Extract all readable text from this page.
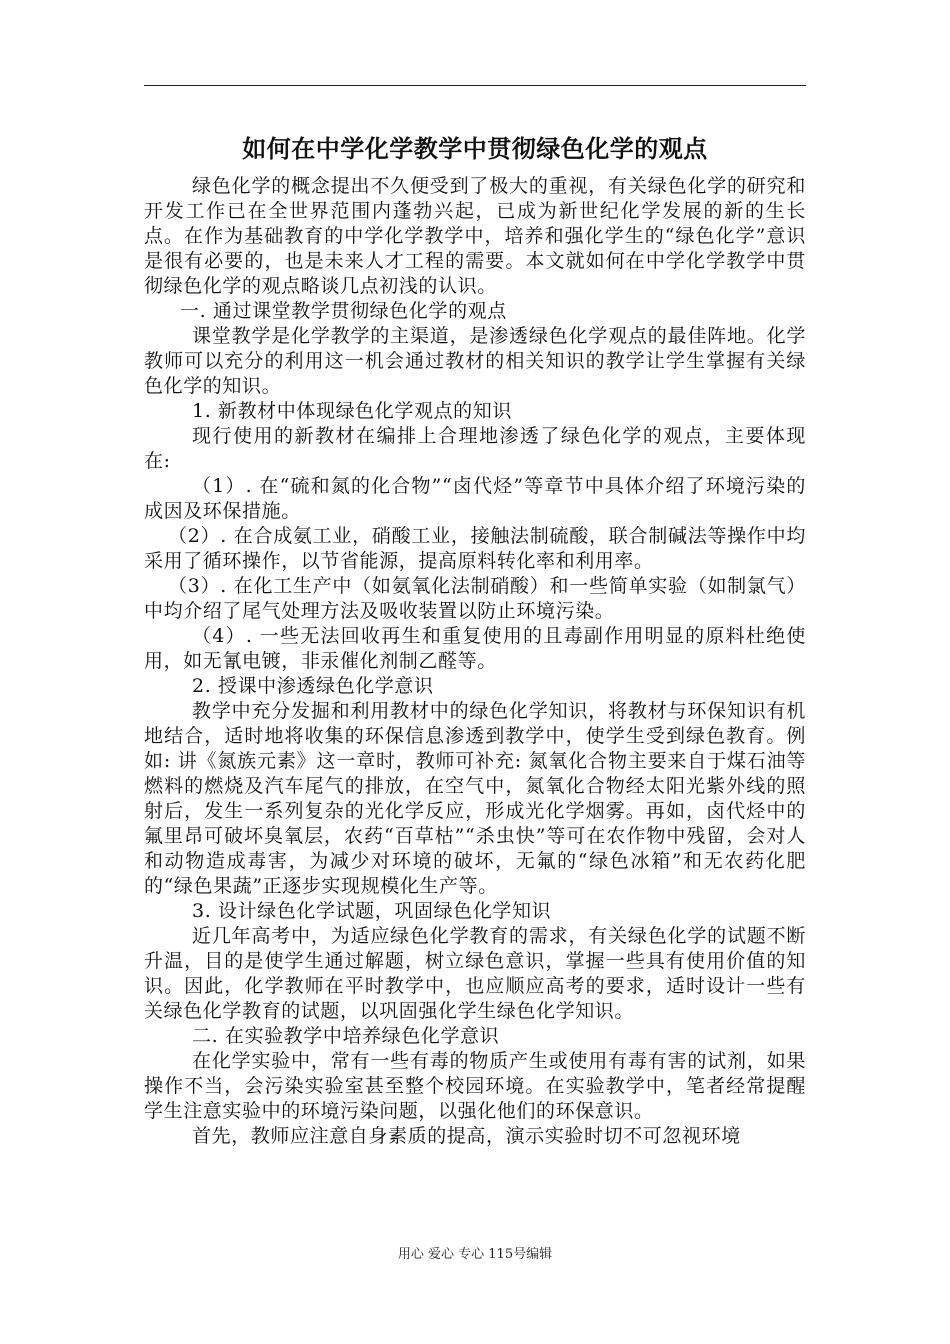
如何在中学化学教学中贯彻绿色化学的观点

绿色化学的概念提出不久便受到了极大的重视，有关绿色化学的研究和开发工作已在全世界范围内蓬勃兴起，已成为新世纪化学发展的新的生长点。在作为基础教育的中学化学教学中，培养和强化学生的“绿色化学”意识是很有必要的，也是未来人才工程的需要。本文就如何在中学化学教学中贯彻绿色化学的观点略谈几点初浅的认识。

一. 通过课堂教学贯彻绿色化学的观点

课堂教学是化学教学的主渠道，是渗透绿色化学观点的最佳阵地。化学教师可以充分的利用这一机会通过教材的相关知识的教学让学生掌握有关绿色化学的知识。

1. 新教材中体现绿色化学观点的知识

现行使用的新教材在编排上合理地渗透了绿色化学的观点，主要体现在:

（1）. 在“硫和氮的化合物”“卤代烃”等章节中具体介绍了环境污染的成因及环保措施。

（2）. 在合成氨工业，硝酸工业，接触法制硫酸，联合制碱法等操作中均采用了循环操作，以节省能源，提高原料转化率和利用率。

（3）. 在化工生产中（如氨氧化法制硝酸）和一些简单实验（如制氯气）中均介绍了尾气处理方法及吸收装置以防止环境污染。

（4）. 一些无法回收再生和重复使用的且毒副作用明显的原料杜绝使用，如无氰电镀，非汞催化剂制乙醛等。

2. 授课中渗透绿色化学意识

教学中充分发掘和利用教材中的绿色化学知识，将教材与环保知识有机地结合，适时地将收集的环保信息渗透到教学中，使学生受到绿色教育。例如: 讲《氮族元素》这一章时，教师可补充: 氮氧化合物主要来自于煤石油等燃料的燃烧及汽车尾气的排放，在空气中，氮氧化合物经太阳光紫外线的照射后，发生一系列复杂的光化学反应，形成光化学烟雾。再如，卤代烃中的氟里昂可破坏臭氧层，农药“百草枯”“杀虫快”等可在农作物中残留，会对人和动物造成毒害，为减少对环境的破坏，无氟的“绿色冰箱”和无农药化肥的“绿色果蔬”正逐步实现规模化生产等。

3. 设计绿色化学试题，巩固绿色化学知识

近几年高考中，为适应绿色化学教育的需求，有关绿色化学的试题不断升温，目的是使学生通过解题，树立绿色意识，掌握一些具有使用价值的知识。因此，化学教师在平时教学中，也应顺应高考的要求，适时设计一些有关绿色化学教育的试题，以巩固强化学生绿色化学知识。

二. 在实验教学中培养绿色化学意识

在化学实验中，常有一些有毒的物质产生或使用有毒有害的试剂，如果操作不当，会污染实验室甚至整个校园环境。在实验教学中，笔者经常提醒学生注意实验中的环境污染问题，以强化他们的环保意识。

首先，教师应注意自身素质的提高，演示实验时切不可忽视环境

用心 爱心 专心 115号编辑
